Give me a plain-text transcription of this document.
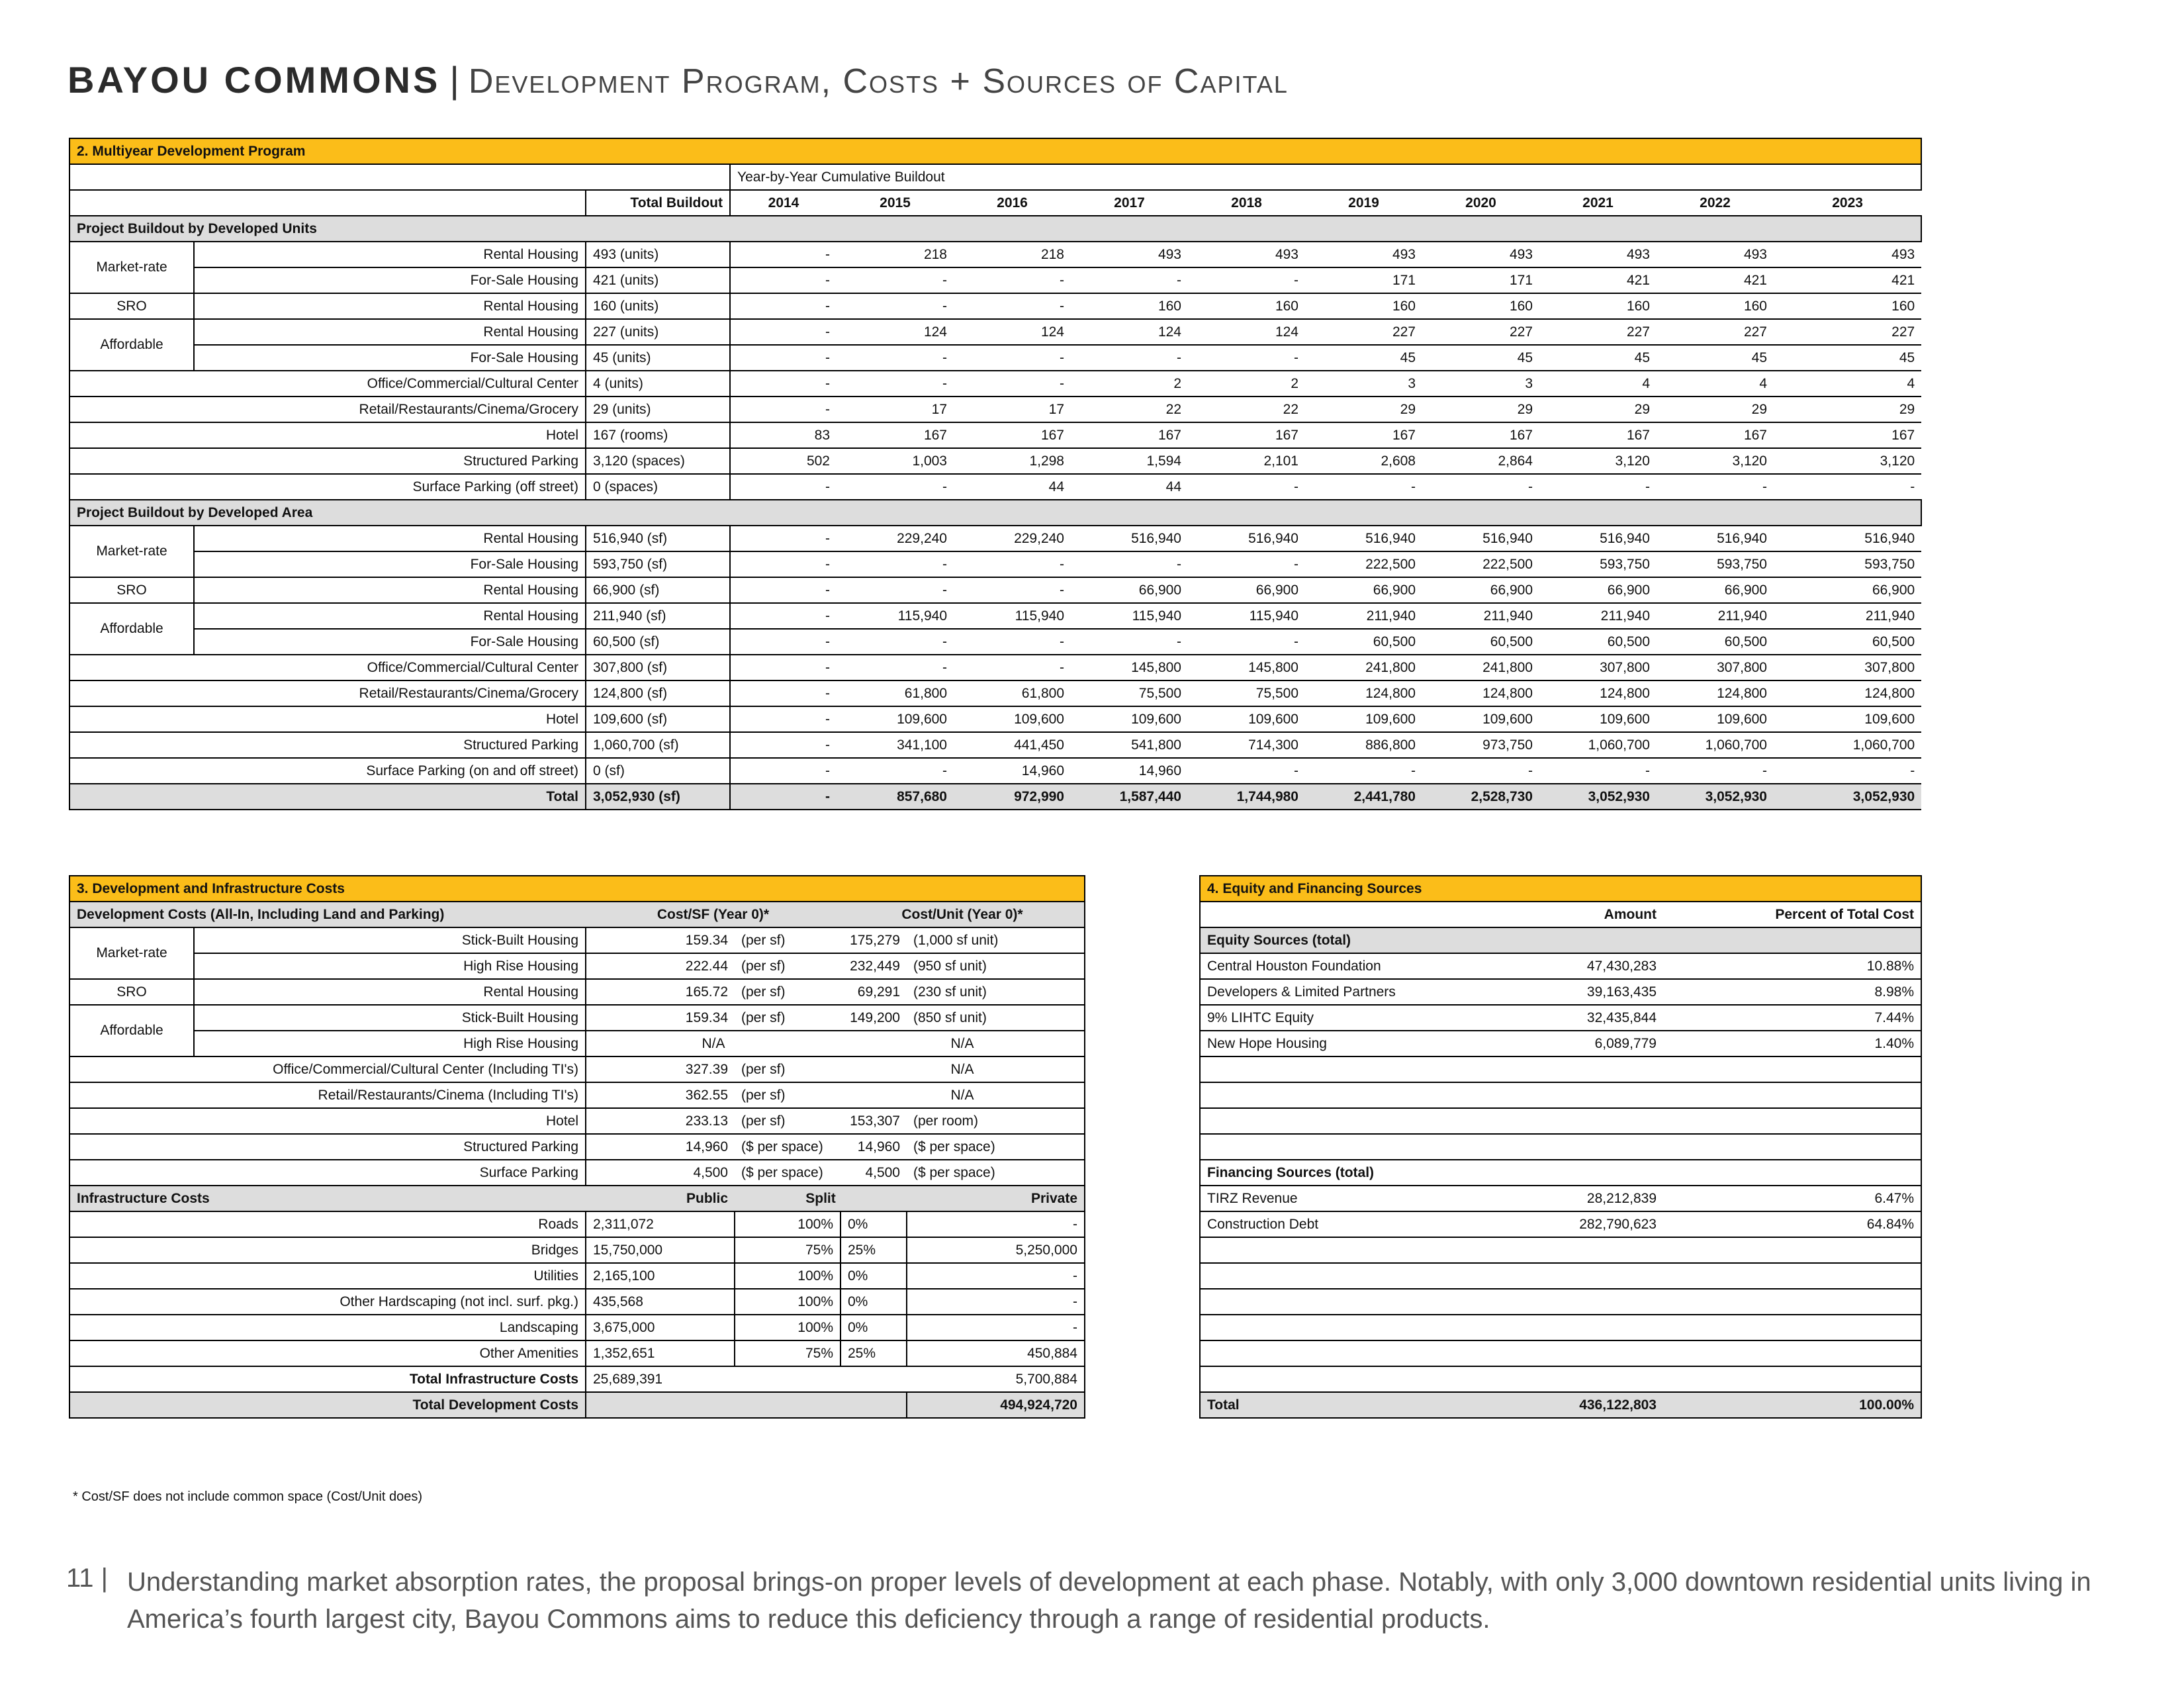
BAYOU COMMONS | Development Program, Costs + Sources of Capital
2. Multiyear Development Program												
			Year-by-Year Cumulative Buildout									
		Total Buildout	2014	2015	2016	2017	2018	2019	2020	2021	2022	2023
Project Buildout by Developed Units												
Market-rate	Rental Housing	493 (units)	-	218	218	493	493	493	493	493	493	493
	For-Sale Housing	421 (units)	-	-	-	-	-	171	171	421	421	421
SRO	Rental Housing	160 (units)	-	-	-	160	160	160	160	160	160	160
Affordable	Rental Housing	227 (units)	-	124	124	124	124	227	227	227	227	227
	For-Sale Housing	45 (units)	-	-	-	-	-	45	45	45	45	45
Office/Commercial/Cultural Center		4 (units)	-	-	-	2	2	3	3	4	4	4
Retail/Restaurants/Cinema/Grocery		29 (units)	-	17	17	22	22	29	29	29	29	29
Hotel		167 (rooms)	83	167	167	167	167	167	167	167	167	167
Structured Parking		3,120 (spaces)	502	1,003	1,298	1,594	2,101	2,608	2,864	3,120	3,120	3,120
Surface Parking (off street)		0 (spaces)	-	-	44	44	-	-	-	-	-	-
Project Buildout by Developed Area												
Market-rate	Rental Housing	516,940 (sf)	-	229,240	229,240	516,940	516,940	516,940	516,940	516,940	516,940	516,940
	For-Sale Housing	593,750 (sf)	-	-	-	-	-	222,500	222,500	593,750	593,750	593,750
SRO	Rental Housing	66,900 (sf)	-	-	-	66,900	66,900	66,900	66,900	66,900	66,900	66,900
Affordable	Rental Housing	211,940 (sf)	-	115,940	115,940	115,940	115,940	211,940	211,940	211,940	211,940	211,940
	For-Sale Housing	60,500 (sf)	-	-	-	-	-	60,500	60,500	60,500	60,500	60,500
Office/Commercial/Cultural Center		307,800 (sf)	-	-	-	145,800	145,800	241,800	241,800	307,800	307,800	307,800
Retail/Restaurants/Cinema/Grocery		124,800 (sf)	-	61,800	61,800	75,500	75,500	124,800	124,800	124,800	124,800	124,800
Hotel		109,600 (sf)	-	109,600	109,600	109,600	109,600	109,600	109,600	109,600	109,600	109,600
Structured Parking		1,060,700 (sf)	-	341,100	441,450	541,800	714,300	886,800	973,750	1,060,700	1,060,700	1,060,700
Surface Parking (on and off street)		0 (sf)	-	-	14,960	14,960	-	-	-	-	-	-
Total		3,052,930 (sf)	-	857,680	972,990	1,587,440	1,744,980	2,441,780	2,528,730	3,052,930	3,052,930	3,052,930
3. Development and Infrastructure Costs					
Development Costs (All-In, Including Land and Parking)		Cost/SF (Year 0)*		Cost/Unit (Year 0)*	
Market-rate	Stick-Built Housing	159.34	(per sf)	175,279	(1,000 sf unit)
	High Rise Housing	222.44	(per sf)	232,449	(950 sf unit)
SRO	Rental Housing	165.72	(per sf)	69,291	(230 sf unit)
Affordable	Stick-Built Housing	159.34	(per sf)	149,200	(850 sf unit)
	High Rise Housing	N/A		N/A	
Office/Commercial/Cultural Center (Including TI's)		327.39	(per sf)	N/A	
Retail/Restaurants/Cinema (Including TI's)		362.55	(per sf)	N/A	
Hotel		233.13	(per sf)	153,307	(per room)
Structured Parking		14,960	($ per space)	14,960	($ per space)
Surface Parking		4,500	($ per space)	4,500	($ per space)
Infrastructure Costs		Public	Split		Private
Roads		2,311,072	100%	0%	-
Bridges		15,750,000	75%	25%	5,250,000
Utilities		2,165,100	100%	0%	-
Other Hardscaping (not incl. surf. pkg.)		435,568	100%	0%	-
Landscaping		3,675,000	100%	0%	-
Other Amenities		1,352,651	75%	25%	450,884
Total Infrastructure Costs		25,689,391			5,700,884
Total Development Costs					494,924,720
4. Equity and Financing Sources		
	Amount	Percent of Total Cost
Equity Sources (total)		
Central Houston Foundation	47,430,283	10.88%
Developers & Limited Partners	39,163,435	8.98%
9% LIHTC Equity	32,435,844	7.44%
New Hope Housing	6,089,779	1.40%

Financing Sources (total)		
TIRZ Revenue	28,212,839	6.47%
Construction Debt	282,790,623	64.84%

Total	436,122,803	100.00%
* Cost/SF does not include common space (Cost/Unit does)
11 | Understanding market absorption rates, the proposal brings-on proper levels of development at each phase. Notably, with only 3,000 downtown residential units living in America’s fourth largest city, Bayou Commons aims to reduce this deficiency through a range of residential products.
